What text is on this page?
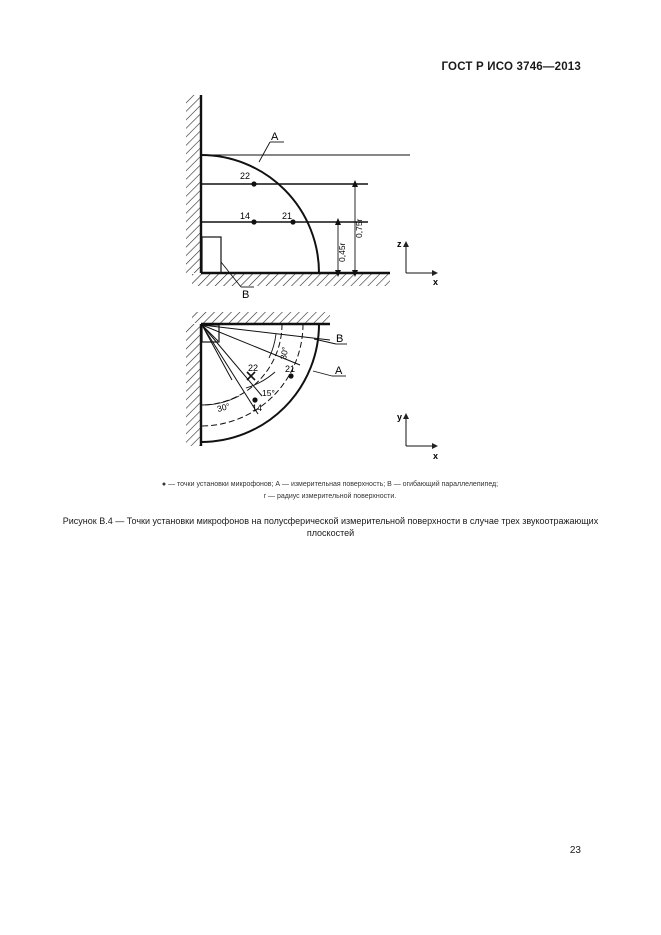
ГОСТ Р ИСО 3746—2013
22
14	21
A
B
0,45r
0,75r
z
x
22	21
14
30°
15°
30°
B
A
y
x
● — точки установки микрофонов; А — измерительная поверхность; В — огибающий параллелепипед;
r — радиус измерительной поверхности.
Рисунок В.4 — Точки установки микрофонов на полусферической измерительной поверхности в случае трех звукоотражающих плоскостей
23
